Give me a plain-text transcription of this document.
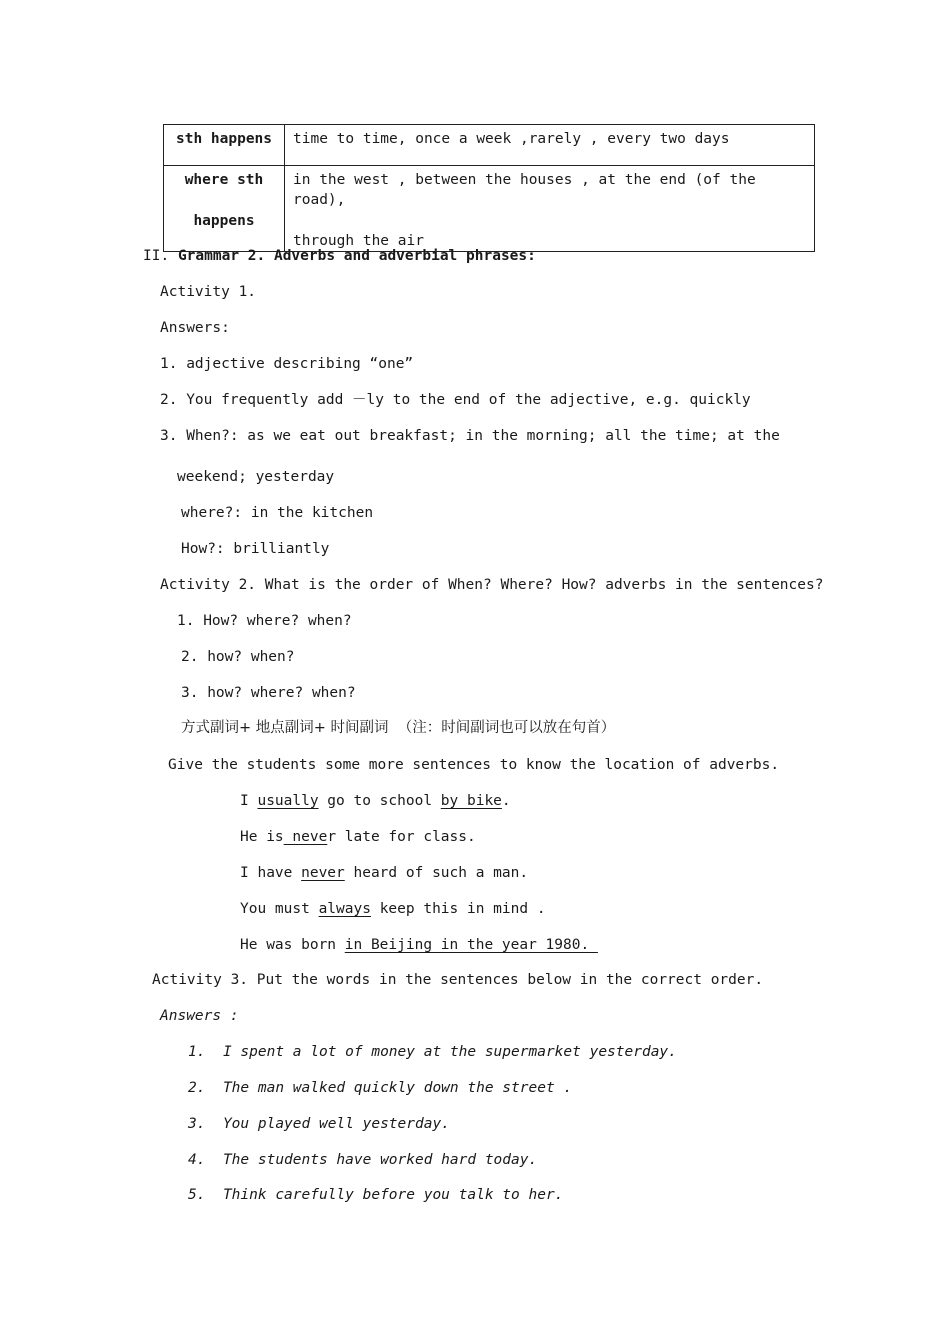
sth happens	time to time, once a week ,rarely , every two days

where sth
happens	in the west , between the houses , at the end (of the road),
through the air
II. Grammar 2. Adverbs and adverbial phrases:
Activity 1.
Answers:
1. adjective describing “one”
2. You frequently add －ly to the end of the adjective, e.g. quickly
3. When?: as we eat out breakfast; in the morning; all the time; at the
weekend; yesterday
where?: in the kitchen
How?: brilliantly
Activity 2. What is the order of When? Where? How? adverbs in the sentences?
1. How? where? when?
2. how? when?
3. how? where? when?
方式副词+ 地点副词+ 时间副词  （注：时间副词也可以放在句首）
Give the students some more sentences to know the location of adverbs.
I usually go to school by bike.
He is never late for class.
I have never heard of such a man.
You must always keep this in mind .
He was born in Beijing in the year 1980.
Activity 3. Put the words in the sentences below in the correct order.
Answers :
1. I spent a lot of money at the supermarket yesterday.
2. The man walked quickly down the street .
3. You played well yesterday.
4. The students have worked hard today.
5. Think carefully before you talk to her.
